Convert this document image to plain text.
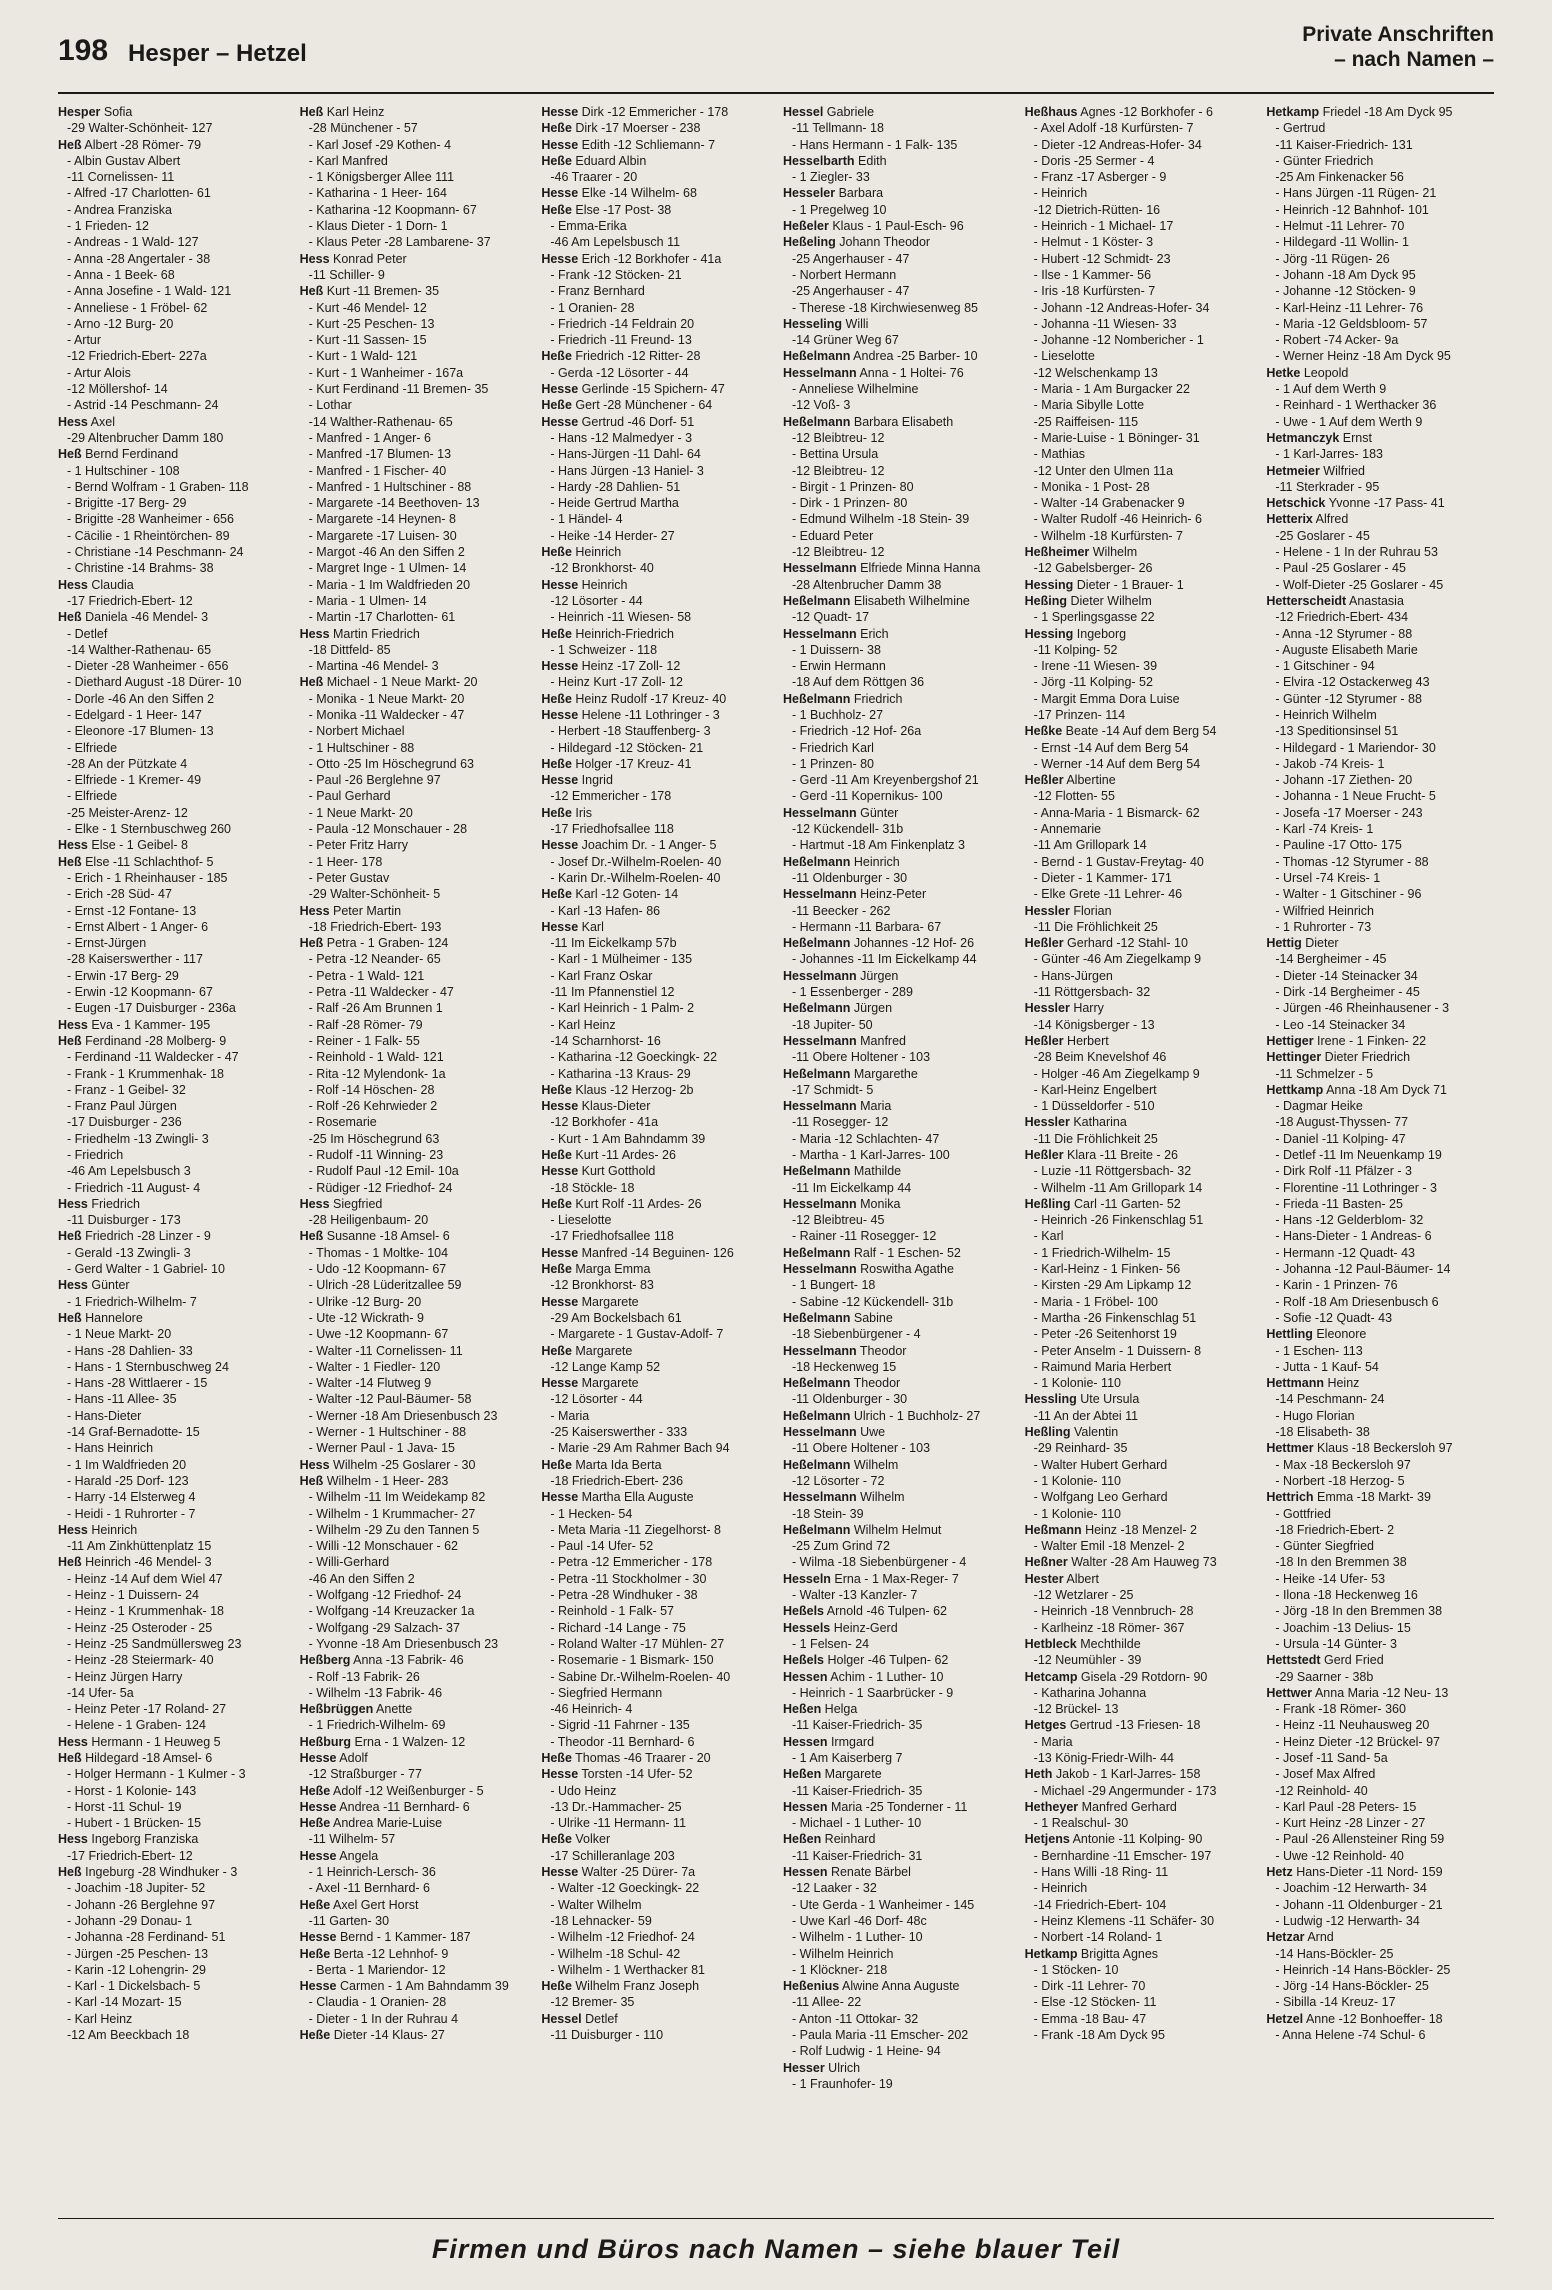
198 Hesper – Hetzel
Private Anschriften
– nach Namen –
Hesper Sofia
-29 Walter-Schönheit- 127
Heß Albert -28 Römer- 79
- Albin Gustav Albert
-11 Cornelissen- 11
- Alfred -17 Charlotten- 61
- Andrea Franziska
- 1 Frieden- 12
- Andreas - 1 Wald- 127
- Anna -28 Angertaler - 38
- Anna - 1 Beek- 68
- Anna Josefine - 1 Wald- 121
- Anneliese - 1 Fröbel- 62
- Arno -12 Burg- 20
- Artur
-12 Friedrich-Ebert- 227a
- Artur Alois
-12 Möllershof- 14
- Astrid -14 Peschmann- 24
Hess Axel
-29 Altenbrucher Damm 180
Heß Bernd Ferdinand
- 1 Hultschiner - 108
- Bernd Wolfram - 1 Graben- 118
- Brigitte -17 Berg- 29
- Brigitte -28 Wanheimer - 656
- Cäcilie - 1 Rheintörchen- 89
- Christiane -14 Peschmann- 24
- Christine -14 Brahms- 38
Hess Claudia
-17 Friedrich-Ebert- 12
Heß Daniela -46 Mendel- 3
- Detlef
-14 Walther-Rathenau- 65
- Dieter -28 Wanheimer - 656
- Diethard August -18 Dürer- 10
- Dorle -46 An den Siffen 2
- Edelgard - 1 Heer- 147
- Eleonore -17 Blumen- 13
- Elfriede
-28 An der Pützkate 4
- Elfriede - 1 Kremer- 49
- Elfriede
-25 Meister-Arenz- 12
- Elke - 1 Sternbuschweg 260
Hess Else - 1 Geibel- 8
Heß Else -11 Schlachthof- 5
- Erich - 1 Rheinhauser - 185
- Erich -28 Süd- 47
- Ernst -12 Fontane- 13
- Ernst Albert - 1 Anger- 6
- Ernst-Jürgen
-28 Kaiserswerther - 117
- Erwin -17 Berg- 29
- Erwin -12 Koopmann- 67
- Eugen -17 Duisburger - 236a
Hess Eva - 1 Kammer- 195
Heß Ferdinand -28 Molberg- 9
- Ferdinand -11 Waldecker - 47
- Frank - 1 Krummenhak- 18
- Franz - 1 Geibel- 32
- Franz Paul Jürgen
-17 Duisburger - 236
- Friedhelm -13 Zwingli- 3
- Friedrich
-46 Am Lepelsbusch 3
- Friedrich -11 August- 4
Hess Friedrich
-11 Duisburger - 173
Heß Friedrich -28 Linzer - 9
- Gerald -13 Zwingli- 3
- Gerd Walter - 1 Gabriel- 10
Hess Günter
- 1 Friedrich-Wilhelm- 7
Heß Hannelore
- 1 Neue Markt- 20
- Hans -28 Dahlien- 33
- Hans - 1 Sternbuschweg 24
- Hans -28 Wittlaerer - 15
- Hans -11 Allee- 35
- Hans-Dieter
-14 Graf-Bernadotte- 15
- Hans Heinrich
- 1 Im Waldfrieden 20
- Harald -25 Dorf- 123
- Harry -14 Elsterweg 4
- Heidi - 1 Ruhrorter - 7
Hess Heinrich
-11 Am Zinkhüttenplatz 15
Heß Heinrich -46 Mendel- 3
- Heinz -14 Auf dem Wiel 47
- Heinz - 1 Duissern- 24
- Heinz - 1 Krummenhak- 18
- Heinz -25 Osteroder - 25
- Heinz -25 Sandmüllersweg 23
- Heinz -28 Steiermark- 40
- Heinz Jürgen Harry
-14 Ufer- 5a
- Heinz Peter -17 Roland- 27
- Helene - 1 Graben- 124
Hess Hermann - 1 Heuweg 5
Heß Hildegard -18 Amsel- 6
- Holger Hermann - 1 Kulmer - 3
- Horst - 1 Kolonie- 143
- Horst -11 Schul- 19
- Hubert - 1 Brücken- 15
Hess Ingeborg Franziska
-17 Friedrich-Ebert- 12
Heß Ingeburg -28 Windhuker - 3
- Joachim -18 Jupiter- 52
- Johann -26 Berglehne 97
- Johann -29 Donau- 1
- Johanna -28 Ferdinand- 51
- Jürgen -25 Peschen- 13
- Karin -12 Lohengrin- 29
- Karl - 1 Dickelsbach- 5
- Karl -14 Mozart- 15
- Karl Heinz
-12 Am Beeckbach 18
Heß Karl Heinz
-28 Münchener - 57
- Karl Josef -29 Kothen- 4
- Karl Manfred
- 1 Königsberger Allee 111
- Katharina - 1 Heer- 164
- Katharina -12 Koopmann- 67
- Klaus Dieter - 1 Dorn- 1
- Klaus Peter -28 Lambarene- 37
Hess Konrad Peter
-11 Schiller- 9
Heß Kurt -11 Bremen- 35
- Kurt -46 Mendel- 12
- Kurt -25 Peschen- 13
- Kurt -11 Sassen- 15
- Kurt - 1 Wald- 121
- Kurt - 1 Wanheimer - 167a
- Kurt Ferdinand -11 Bremen- 35
- Lothar
-14 Walther-Rathenau- 65
- Manfred - 1 Anger- 6
- Manfred -17 Blumen- 13
- Manfred - 1 Fischer- 40
- Manfred - 1 Hultschiner - 88
- Margarete -14 Beethoven- 13
- Margarete -14 Heynen- 8
- Margarete -17 Luisen- 30
- Margot -46 An den Siffen 2
- Margret Inge - 1 Ulmen- 14
- Maria - 1 Im Waldfrieden 20
- Maria - 1 Ulmen- 14
- Martin -17 Charlotten- 61
Hess Martin Friedrich
-18 Dittfeld- 85
- Martina -46 Mendel- 3
Heß Michael - 1 Neue Markt- 20
- Monika - 1 Neue Markt- 20
- Monika -11 Waldecker - 47
- Norbert Michael
- 1 Hultschiner - 88
- Otto -25 Im Höschegrund 63
- Paul -26 Berglehne 97
- Paul Gerhard
- 1 Neue Markt- 20
- Paula -12 Monschauer - 28
- Peter Fritz Harry
- 1 Heer- 178
- Peter Gustav
-29 Walter-Schönheit- 5
Hess Peter Martin
-18 Friedrich-Ebert- 193
Heß Petra - 1 Graben- 124
- Petra -12 Neander- 65
- Petra - 1 Wald- 121
- Petra -11 Waldecker - 47
- Ralf -26 Am Brunnen 1
- Ralf -28 Römer- 79
- Reiner - 1 Falk- 55
- Reinhold - 1 Wald- 121
- Rita -12 Mylendonk- 1a
- Rolf -14 Höschen- 28
- Rolf -26 Kehrwieder 2
- Rosemarie
-25 Im Höschegrund 63
- Rudolf -11 Winning- 23
- Rudolf Paul -12 Emil- 10a
- Rüdiger -12 Friedhof- 24
Hess Siegfried
-28 Heiligenbaum- 20
Heß Susanne -18 Amsel- 6
- Thomas - 1 Moltke- 104
- Udo -12 Koopmann- 67
- Ulrich -28 Lüderitzallee 59
- Ulrike -12 Burg- 20
- Ute -12 Wickrath- 9
- Uwe -12 Koopmann- 67
- Walter -11 Cornelissen- 11
- Walter - 1 Fiedler- 120
- Walter -14 Flutweg 9
- Walter -12 Paul-Bäumer- 58
- Werner -18 Am Driesenbusch 23
- Werner - 1 Hultschiner - 88
- Werner Paul - 1 Java- 15
Hess Wilhelm -25 Goslarer - 30
Heß Wilhelm - 1 Heer- 283
- Wilhelm -11 Im Weidekamp 82
- Wilhelm - 1 Krummacher- 27
- Wilhelm -29 Zu den Tannen 5
- Willi -12 Monschauer - 62
- Willi-Gerhard
-46 An den Siffen 2
- Wolfgang -12 Friedhof- 24
- Wolfgang -14 Kreuzacker 1a
- Wolfgang -29 Salzach- 37
- Yvonne -18 Am Driesenbusch 23
Heßberg Anna -13 Fabrik- 46
- Rolf -13 Fabrik- 26
- Wilhelm -13 Fabrik- 46
Heßbrüggen Anette
- 1 Friedrich-Wilhelm- 69
Heßburg Erna - 1 Walzen- 12
Hesse Adolf
-12 Straßburger - 77
Heße Adolf -12 Weißenburger - 5
Hesse Andrea -11 Bernhard- 6
Heße Andrea Marie-Luise
-11 Wilhelm- 57
Hesse Angela
- 1 Heinrich-Lersch- 36
- Axel -11 Bernhard- 6
Heße Axel Gert Horst
-11 Garten- 30
Hesse Bernd - 1 Kammer- 187
Heße Berta -12 Lehnhof- 9
- Berta - 1 Mariendor- 12
Hesse Carmen - 1 Am Bahndamm 39
- Claudia - 1 Oranien- 28
- Dieter - 1 In der Ruhrau 4
Heße Dieter -14 Klaus- 27
Hesse Dirk -12 Emmericher - 178
Heße Dirk -17 Moerser - 238
Hesse Edith -12 Schliemann- 7
Heße Eduard Albin
-46 Traarer - 20
Hesse Elke -14 Wilhelm- 68
Heße Else -17 Post- 38
- Emma-Erika
-46 Am Lepelsbusch 11
Hesse Erich -12 Borkhofer - 41a
- Frank -12 Stöcken- 21
- Franz Bernhard
- 1 Oranien- 28
- Friedrich -14 Feldrain 20
- Friedrich -11 Freund- 13
Heße Friedrich -12 Ritter- 28
- Gerda -12 Lösorter - 44
Hesse Gerlinde -15 Spichern- 47
Heße Gert -28 Münchener - 64
Hesse Gertrud -46 Dorf- 51
- Hans -12 Malmedyer - 3
- Hans-Jürgen -11 Dahl- 64
- Hans Jürgen -13 Haniel- 3
- Hardy -28 Dahlien- 51
- Heide Gertrud Martha
- 1 Händel- 4
- Heike -14 Herder- 27
Heße Heinrich
-12 Bronkhorst- 40
Hesse Heinrich
-12 Lösorter - 44
- Heinrich -11 Wiesen- 58
Heße Heinrich-Friedrich
- 1 Schweizer - 118
Hesse Heinz -17 Zoll- 12
- Heinz Kurt -17 Zoll- 12
Heße Heinz Rudolf -17 Kreuz- 40
Hesse Helene -11 Lothringer - 3
- Herbert -18 Stauffenberg- 3
- Hildegard -12 Stöcken- 21
Heße Holger -17 Kreuz- 41
Hesse Ingrid
-12 Emmericher - 178
Heße Iris
-17 Friedhofsallee 118
Hesse Joachim Dr. - 1 Anger- 5
- Josef Dr.-Wilhelm-Roelen- 40
- Karin Dr.-Wilhelm-Roelen- 40
Heße Karl -12 Goten- 14
- Karl -13 Hafen- 86
Hesse Karl
-11 Im Eickelkamp 57b
- Karl - 1 Mülheimer - 135
- Karl Franz Oskar
-11 Im Pfannenstiel 12
- Karl Heinrich - 1 Palm- 2
- Karl Heinz
-14 Scharnhorst- 16
- Katharina -12 Goeckingk- 22
- Katharina -13 Kraus- 29
Heße Klaus -12 Herzog- 2b
Hesse Klaus-Dieter
-12 Borkhofer - 41a
- Kurt - 1 Am Bahndamm 39
Heße Kurt -11 Ardes- 26
Hesse Kurt Gotthold
-18 Stöckle- 18
Heße Kurt Rolf -11 Ardes- 26
- Lieselotte
-17 Friedhofsallee 118
Hesse Manfred -14 Beguinen- 126
Heße Marga Emma
-12 Bronkhorst- 83
Hesse Margarete
-29 Am Bockelsbach 61
- Margarete - 1 Gustav-Adolf- 7
Heße Margarete
-12 Lange Kamp 52
Hesse Margarete
-12 Lösorter - 44
- Maria
-25 Kaiserswerther - 333
- Marie -29 Am Rahmer Bach 94
Heße Marta Ida Berta
-18 Friedrich-Ebert- 236
Hesse Martha Ella Auguste
- 1 Hecken- 54
- Meta Maria -11 Ziegelhorst- 8
- Paul -14 Ufer- 52
- Petra -12 Emmericher - 178
- Petra -11 Stockholmer - 30
- Petra -28 Windhuker - 38
- Reinhold - 1 Falk- 57
- Richard -14 Lange - 75
- Roland Walter -17 Mühlen- 27
- Rosemarie - 1 Bismark- 150
- Sabine Dr.-Wilhelm-Roelen- 40
- Siegfried Hermann
-46 Heinrich- 4
- Sigrid -11 Fahrner - 135
- Theodor -11 Bernhard- 6
Heße Thomas -46 Traarer - 20
Hesse Torsten -14 Ufer- 52
- Udo Heinz
-13 Dr.-Hammacher- 25
- Ulrike -11 Hermann- 11
Heße Volker
-17 Schilleranlage 203
Hesse Walter -25 Dürer- 7a
- Walter -12 Goeckingk- 22
- Walter Wilhelm
-18 Lehnacker- 59
- Wilhelm -12 Friedhof- 24
- Wilhelm -18 Schul- 42
- Wilhelm - 1 Werthacker 81
Heße Wilhelm Franz Joseph
-12 Bremer- 35
Hessel Detlef
-11 Duisburger - 110
Hessel Gabriele
-11 Tellmann- 18
- Hans Hermann - 1 Falk- 135
Hesselbarth Edith
- 1 Ziegler- 33
Hesseler Barbara
- 1 Pregelweg 10
Heßeler Klaus - 1 Paul-Esch- 96
Heßeling Johann Theodor
-25 Angerhauser - 47
- Norbert Hermann
-25 Angerhauser - 47
- Therese -18 Kirchwiesenweg 85
Hesseling Willi
-14 Grüner Weg 67
Heßelmann Andrea -25 Barber- 10
Hesselmann Anna - 1 Holtei- 76
- Anneliese Wilhelmine
-12 Voß- 3
Heßelmann Barbara Elisabeth
-12 Bleibtreu- 12
- Bettina Ursula
-12 Bleibtreu- 12
- Birgit - 1 Prinzen- 80
- Dirk - 1 Prinzen- 80
- Edmund Wilhelm -18 Stein- 39
- Eduard Peter
-12 Bleibtreu- 12
Hesselmann Elfriede Minna Hanna
-28 Altenbrucher Damm 38
Heßelmann Elisabeth Wilhelmine
-12 Quadt- 17
Hesselmann Erich
- 1 Duissern- 38
- Erwin Hermann
-18 Auf dem Röttgen 36
Heßelmann Friedrich
- 1 Buchholz- 27
- Friedrich -12 Hof- 26a
- Friedrich Karl
- 1 Prinzen- 80
- Gerd -11 Am Kreyenbergshof 21
- Gerd -11 Kopernikus- 100
Hesselmann Günter
-12 Kückendell- 31b
- Hartmut -18 Am Finkenplatz 3
Heßelmann Heinrich
-11 Oldenburger - 30
Hesselmann Heinz-Peter
-11 Beecker - 262
- Hermann -11 Barbara- 67
Heßelmann Johannes -12 Hof- 26
- Johannes -11 Im Eickelkamp 44
Hesselmann Jürgen
- 1 Essenberger - 289
Heßelmann Jürgen
-18 Jupiter- 50
Hesselmann Manfred
-11 Obere Holtener - 103
Heßelmann Margarethe
-17 Schmidt- 5
Hesselmann Maria
-11 Rosegger- 12
- Maria -12 Schlachten- 47
- Martha - 1 Karl-Jarres- 100
Heßelmann Mathilde
-11 Im Eickelkamp 44
Hesselmann Monika
-12 Bleibtreu- 45
- Rainer -11 Rosegger- 12
Heßelmann Ralf - 1 Eschen- 52
Hesselmann Roswitha Agathe
- 1 Bungert- 18
- Sabine -12 Kückendell- 31b
Heßelmann Sabine
-18 Siebenbürgener - 4
Hesselmann Theodor
-18 Heckenweg 15
Heßelmann Theodor
-11 Oldenburger - 30
Heßelmann Ulrich - 1 Buchholz- 27
Hesselmann Uwe
-11 Obere Holtener - 103
Heßelmann Wilhelm
-12 Lösorter - 72
Hesselmann Wilhelm
-18 Stein- 39
Heßelmann Wilhelm Helmut
-25 Zum Grind 72
- Wilma -18 Siebenbürgener - 4
Hesseln Erna - 1 Max-Reger- 7
- Walter -13 Kanzler- 7
Heßels Arnold -46 Tulpen- 62
Hessels Heinz-Gerd
- 1 Felsen- 24
Heßels Holger -46 Tulpen- 62
Hessen Achim - 1 Luther- 10
- Heinrich - 1 Saarbrücker - 9
Heßen Helga
-11 Kaiser-Friedrich- 35
Hessen Irmgard
- 1 Am Kaiserberg 7
Heßen Margarete
-11 Kaiser-Friedrich- 35
Hessen Maria -25 Tonderner - 11
- Michael - 1 Luther- 10
Heßen Reinhard
-11 Kaiser-Friedrich- 31
Hessen Renate Bärbel
-12 Laaker - 32
- Ute Gerda - 1 Wanheimer - 145
- Uwe Karl -46 Dorf- 48c
- Wilhelm - 1 Luther- 10
- Wilhelm Heinrich
- 1 Klöckner- 218
Heßenius Alwine Anna Auguste
-11 Allee- 22
- Anton -11 Ottokar- 32
- Paula Maria -11 Emscher- 202
- Rolf Ludwig - 1 Heine- 94
Hesser Ulrich
- 1 Fraunhofer- 19
Heßhaus Agnes -12 Borkhofer - 6
- Axel Adolf -18 Kurfürsten- 7
- Dieter -12 Andreas-Hofer- 34
- Doris -25 Sermer - 4
- Franz -17 Asberger - 9
- Heinrich
-12 Dietrich-Rütten- 16
- Heinrich - 1 Michael- 17
- Helmut - 1 Köster- 3
- Hubert -12 Schmidt- 23
- Ilse - 1 Kammer- 56
- Iris -18 Kurfürsten- 7
- Johann -12 Andreas-Hofer- 34
- Johanna -11 Wiesen- 33
- Johanne -12 Nombericher - 1
- Lieselotte
-12 Welschenkamp 13
- Maria - 1 Am Burgacker 22
- Maria Sibylle Lotte
-25 Raiffeisen- 115
- Marie-Luise - 1 Böninger- 31
- Mathias
-12 Unter den Ulmen 11a
- Monika - 1 Post- 28
- Walter -14 Grabenacker 9
- Walter Rudolf -46 Heinrich- 6
- Wilhelm -18 Kurfürsten- 7
Heßheimer Wilhelm
-12 Gabelsberger- 26
Hessing Dieter - 1 Brauer- 1
Heßing Dieter Wilhelm
- 1 Sperlingsgasse 22
Hessing Ingeborg
-11 Kolping- 52
- Irene -11 Wiesen- 39
- Jörg -11 Kolping- 52
- Margit Emma Dora Luise
-17 Prinzen- 114
Heßke Beate -14 Auf dem Berg 54
- Ernst -14 Auf dem Berg 54
- Werner -14 Auf dem Berg 54
Heßler Albertine
-12 Flotten- 55
- Anna-Maria - 1 Bismarck- 62
- Annemarie
-11 Am Grillopark 14
- Bernd - 1 Gustav-Freytag- 40
- Dieter - 1 Kammer- 171
- Elke Grete -11 Lehrer- 46
Hessler Florian
-11 Die Fröhlichkeit 25
Heßler Gerhard -12 Stahl- 10
- Günter -46 Am Ziegelkamp 9
- Hans-Jürgen
-11 Röttgersbach- 32
Hessler Harry
-14 Königsberger - 13
Heßler Herbert
-28 Beim Knevelshof 46
- Holger -46 Am Ziegelkamp 9
- Karl-Heinz Engelbert
- 1 Düsseldorfer - 510
Hessler Katharina
-11 Die Fröhlichkeit 25
Heßler Klara -11 Breite - 26
- Luzie -11 Röttgersbach- 32
- Wilhelm -11 Am Grillopark 14
Heßling Carl -11 Garten- 52
- Heinrich -26 Finkenschlag 51
- Karl
- 1 Friedrich-Wilhelm- 15
- Karl-Heinz - 1 Finken- 56
- Kirsten -29 Am Lipkamp 12
- Maria - 1 Fröbel- 100
- Martha -26 Finkenschlag 51
- Peter -26 Seitenhorst 19
- Peter Anselm - 1 Duissern- 8
- Raimund Maria Herbert
- 1 Kolonie- 110
Hessling Ute Ursula
-11 An der Abtei 11
Heßling Valentin
-29 Reinhard- 35
- Walter Hubert Gerhard
- 1 Kolonie- 110
- Wolfgang Leo Gerhard
- 1 Kolonie- 110
Heßmann Heinz -18 Menzel- 2
- Walter Emil -18 Menzel- 2
Heßner Walter -28 Am Hauweg 73
Hester Albert
-12 Wetzlarer - 25
- Heinrich -18 Vennbruch- 28
- Karlheinz -18 Römer- 367
Hetbleck Mechthilde
-12 Neumühler - 39
Hetcamp Gisela -29 Rotdorn- 90
- Katharina Johanna
-12 Brückel- 13
Hetges Gertrud -13 Friesen- 18
- Maria
-13 König-Friedr-Wilh- 44
Heth Jakob - 1 Karl-Jarres- 158
- Michael -29 Angermunder - 173
Hetheyer Manfred Gerhard
- 1 Realschul- 30
Hetjens Antonie -11 Kolping- 90
- Bernhardine -11 Emscher- 197
- Hans Willi -18 Ring- 11
- Heinrich
-14 Friedrich-Ebert- 104
- Heinz Klemens -11 Schäfer- 30
- Norbert -14 Roland- 1
Hetkamp Brigitta Agnes
- 1 Stöcken- 10
- Dirk -11 Lehrer- 70
- Else -12 Stöcken- 11
- Emma -18 Bau- 47
- Frank -18 Am Dyck 95
Hetkamp Friedel -18 Am Dyck 95
- Gertrud
-11 Kaiser-Friedrich- 131
- Günter Friedrich
-25 Am Finkenacker 56
- Hans Jürgen -11 Rügen- 21
- Heinrich -12 Bahnhof- 101
- Helmut -11 Lehrer- 70
- Hildegard -11 Wollin- 1
- Jörg -11 Rügen- 26
- Johann -18 Am Dyck 95
- Johanne -12 Stöcken- 9
- Karl-Heinz -11 Lehrer- 76
- Maria -12 Geldsbloom- 57
- Robert -74 Acker- 9a
- Werner Heinz -18 Am Dyck 95
Hetke Leopold
- 1 Auf dem Werth 9
- Reinhard - 1 Werthacker 36
- Uwe - 1 Auf dem Werth 9
Hetmanczyk Ernst
- 1 Karl-Jarres- 183
Hetmeier Wilfried
-11 Sterkrader - 95
Hetschick Yvonne -17 Pass- 41
Hetterix Alfred
-25 Goslarer - 45
- Helene - 1 In der Ruhrau 53
- Paul -25 Goslarer - 45
- Wolf-Dieter -25 Goslarer - 45
Hetterscheidt Anastasia
-12 Friedrich-Ebert- 434
- Anna -12 Styrumer - 88
- Auguste Elisabeth Marie
- 1 Gitschiner - 94
- Elvira -12 Ostackerweg 43
- Günter -12 Styrumer - 88
- Heinrich Wilhelm
-13 Speditionsinsel 51
- Hildegard - 1 Mariendor- 30
- Jakob -74 Kreis- 1
- Johann -17 Ziethen- 20
- Johanna - 1 Neue Frucht- 5
- Josefa -17 Moerser - 243
- Karl -74 Kreis- 1
- Pauline -17 Otto- 175
- Thomas -12 Styrumer - 88
- Ursel -74 Kreis- 1
- Walter - 1 Gitschiner - 96
- Wilfried Heinrich
- 1 Ruhrorter - 73
Hettig Dieter
-14 Bergheimer - 45
- Dieter -14 Steinacker 34
- Dirk -14 Bergheimer - 45
- Jürgen -46 Rheinhausener - 3
- Leo -14 Steinacker 34
Hettiger Irene - 1 Finken- 22
Hettinger Dieter Friedrich
-11 Schmelzer - 5
Hettkamp Anna -18 Am Dyck 71
- Dagmar Heike
-18 August-Thyssen- 77
- Daniel -11 Kolping- 47
- Detlef -11 Im Neuenkamp 19
- Dirk Rolf -11 Pfälzer - 3
- Florentine -11 Lothringer - 3
- Frieda -11 Basten- 25
- Hans -12 Gelderblom- 32
- Hans-Dieter - 1 Andreas- 6
- Hermann -12 Quadt- 43
- Johanna -12 Paul-Bäumer- 14
- Karin - 1 Prinzen- 76
- Rolf -18 Am Driesenbusch 6
- Sofie -12 Quadt- 43
Hettling Eleonore
- 1 Eschen- 113
- Jutta - 1 Kauf- 54
Hettmann Heinz
-14 Peschmann- 24
- Hugo Florian
-18 Elisabeth- 38
Hettmer Klaus -18 Beckersloh 97
- Max -18 Beckersloh 97
- Norbert -18 Herzog- 5
Hettrich Emma -18 Markt- 39
- Gottfried
-18 Friedrich-Ebert- 2
- Günter Siegfried
-18 In den Bremmen 38
- Heike -14 Ufer- 53
- Ilona -18 Heckenweg 16
- Jörg -18 In den Bremmen 38
- Joachim -13 Delius- 15
- Ursula -14 Günter- 3
Hettstedt Gerd Fried
-29 Saarner - 38b
Hettwer Anna Maria -12 Neu- 13
- Frank -18 Römer- 360
- Heinz -11 Neuhausweg 20
- Heinz Dieter -12 Brückel- 97
- Josef -11 Sand- 5a
- Josef Max Alfred
-12 Reinhold- 40
- Karl Paul -28 Peters- 15
- Kurt Heinz -28 Linzer - 27
- Paul -26 Allensteiner Ring 59
- Uwe -12 Reinhold- 40
Hetz Hans-Dieter -11 Nord- 159
- Joachim -12 Herwarth- 34
- Johann -11 Oldenburger - 21
- Ludwig -12 Herwarth- 34
Hetzar Arnd
-14 Hans-Böckler- 25
- Heinrich -14 Hans-Böckler- 25
- Jörg -14 Hans-Böckler- 25
- Sibilla -14 Kreuz- 17
Hetzel Anne -12 Bonhoeffer- 18
- Anna Helene -74 Schul- 6
Firmen und Büros nach Namen – siehe blauer Teil
